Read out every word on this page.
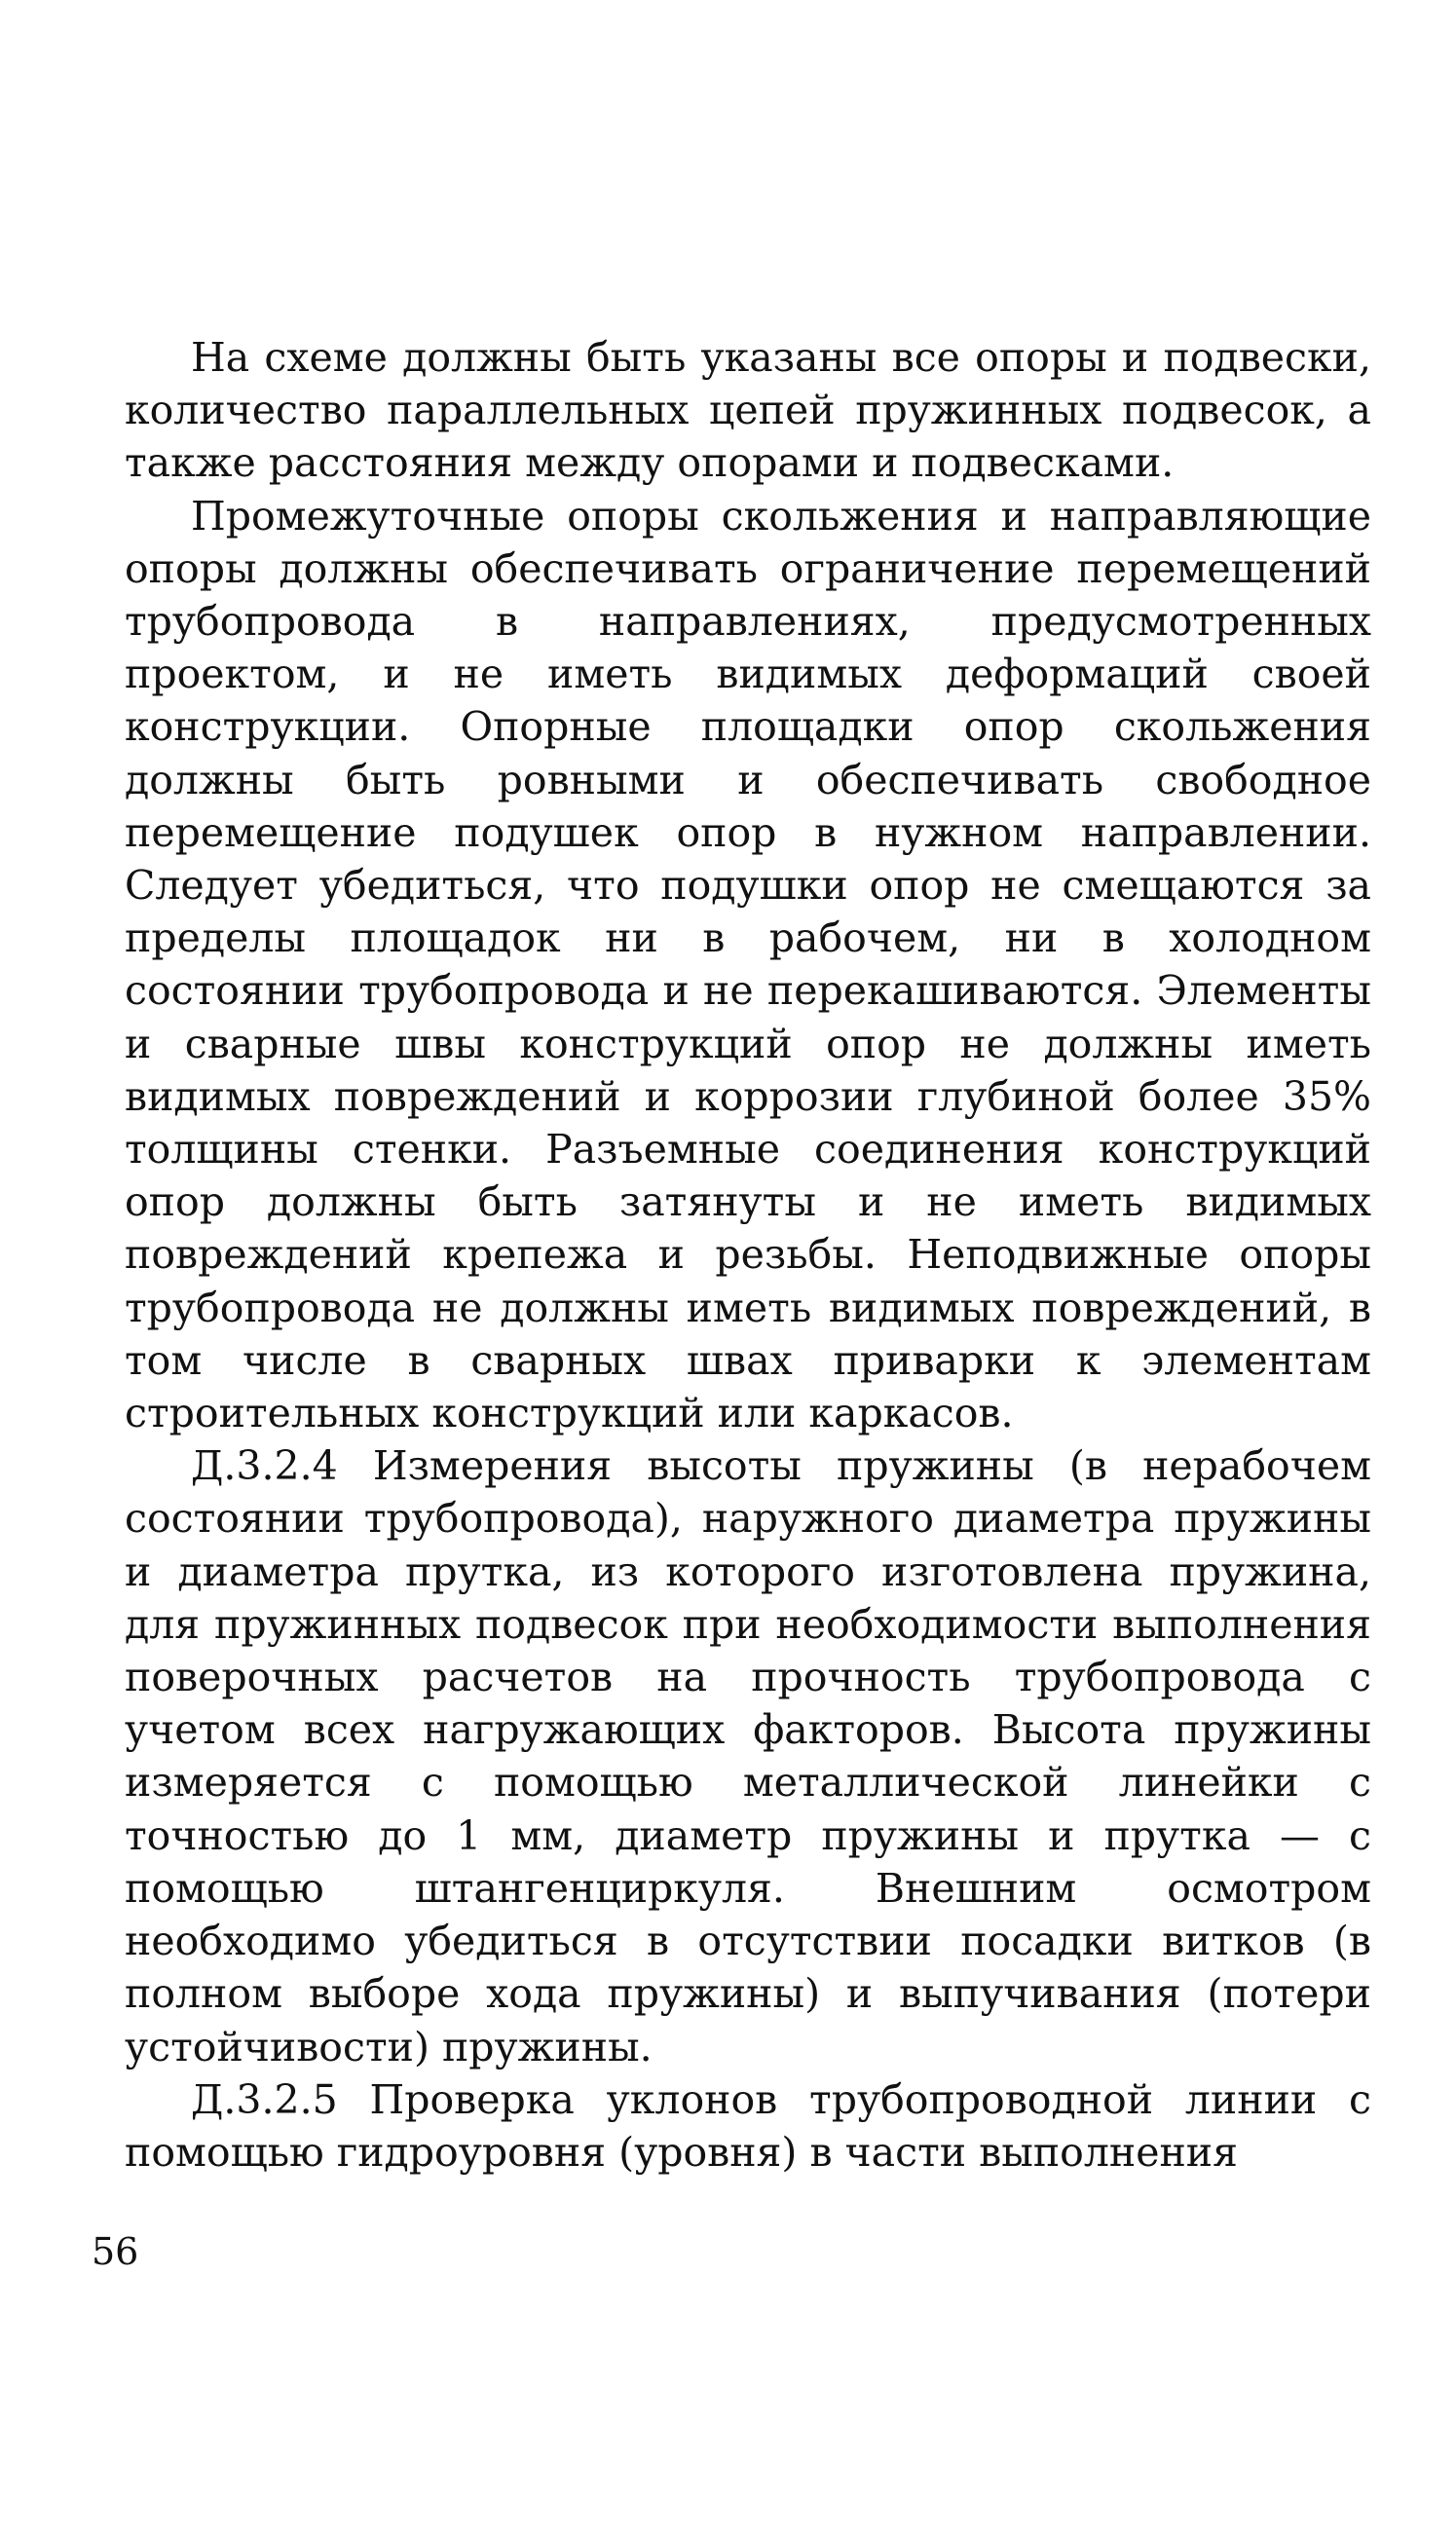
На схеме должны быть указаны все опоры и подвески, количество параллельных цепей пружинных подвесок, а также расстояния между опорами и подвесками.

Промежуточные опоры скольжения и направляющие опоры должны обеспечивать ограничение перемещений трубопровода в направлениях, предусмотренных проектом, и не иметь видимых деформаций своей конструкции. Опорные площадки опор скольжения должны быть ровными и обеспечивать свободное перемещение подушек опор в нужном направлении. Следует убедиться, что подушки опор не смещаются за пределы площадок ни в рабочем, ни в холодном состоянии трубопровода и не перекашиваются. Элементы и сварные швы конструкций опор не должны иметь видимых повреждений и коррозии глубиной более 35% толщины стенки. Разъемные соединения конструкций опор должны быть затянуты и не иметь видимых повреждений крепежа и резьбы. Неподвижные опоры трубопровода не должны иметь видимых повреждений, в том числе в сварных швах приварки к элементам строительных конструкций или каркасов.

Д.3.2.4 Измерения высоты пружины (в нерабочем состоянии трубопровода), наружного диаметра пружины и диаметра прутка, из которого изготовлена пружина, для пружинных подвесок при необходимости выполнения поверочных расчетов на прочность трубопровода с учетом всех нагружающих факторов. Высота пружины измеряется с помощью металлической линейки с точностью до 1 мм, диаметр пружины и прутка — с помощью штангенциркуля. Внешним осмотром необходимо убедиться в отсутствии посадки витков (в полном выборе хода пружины) и выпучивания (потери устойчивости) пружины.

Д.3.2.5 Проверка уклонов трубопроводной линии с помощью гидроуровня (уровня) в части выполнения

56
